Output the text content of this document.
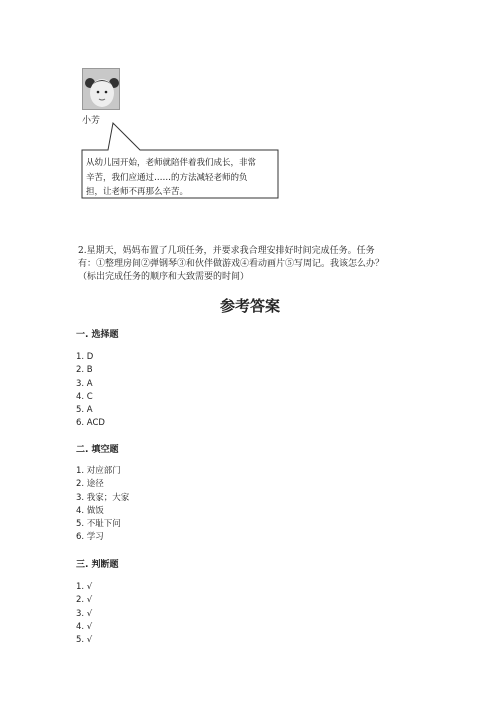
小芳
从幼儿园开始，老师就陪伴着我们成长，非常
辛苦，我们应通过……的方法减轻老师的负
担，让老师不再那么辛苦。
2.星期天，妈妈布置了几项任务，并要求我合理安排好时间完成任务。任务
有：①整理房间②弹钢琴③和伙伴做游戏④看动画片⑤写周记。我该怎么办？
（标出完成任务的顺序和大致需要的时间）
参考答案
一. 选择题
1. D
2. B
3. A
4. C
5. A
6. ACD
二. 填空题
1. 对应部门
2. 途径
3. 我家；大家
4. 做饭
5. 不耻下问
6. 学习
三. 判断题
1. √
2. √
3. √
4. √
5. √
